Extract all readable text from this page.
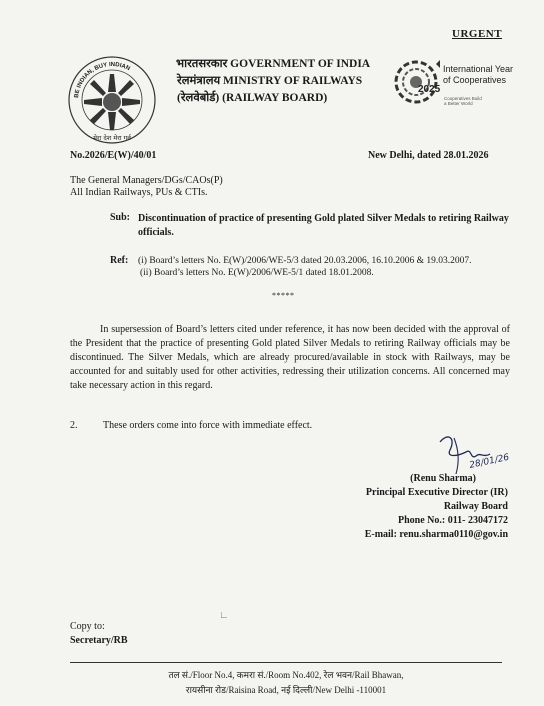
URGENT
BE INDIAN, BUY INDIAN
मेरा देश मेरा गर्व
भारतसरकार GOVERNMENT OF INDIA
रेलमंत्रालय MINISTRY OF RAILWAYS
(रेलवेबोर्ड) (RAILWAY BOARD)
International Year
of Cooperatives
2025
Cooperatives Build
a Better World
No.2026/E(W)/40/01	New Delhi, dated 28.01.2026
The General Managers/DGs/CAOs(P)
All Indian Railways, PUs & CTIs.
Sub: Discontinuation of practice of presenting Gold plated Silver Medals to retiring Railway officials.
Ref: (i) Board’s letters No. E(W)/2006/WE-5/3 dated 20.03.2006, 16.10.2006 & 19.03.2007.
(ii) Board’s letters No. E(W)/2006/WE-5/1 dated 18.01.2008.
*****
In supersession of Board’s letters cited under reference, it has now been decided with the approval of the President that the practice of presenting Gold plated Silver Medals to retiring Railway officials may be discontinued. The Silver Medals, which are already procured/available in stock with Railways, may be accounted for and suitably used for other activities, redressing their utilization concerns. All concerned may take necessary action in this regard.
2.	These orders come into force with immediate effect.
28/01/26
(Renu Sharma)
Principal Executive Director (IR)
Railway Board
Phone No.: 011- 23047172
E-mail: renu.sharma0110@gov.in
∟
Copy to:
Secretary/RB
तल सं./Floor No.4, कमरा सं./Room No.402, रेल भवन/Rail Bhawan,
रायसीना रोड/Raisina Road, नई दिल्ली/New Delhi -110001
